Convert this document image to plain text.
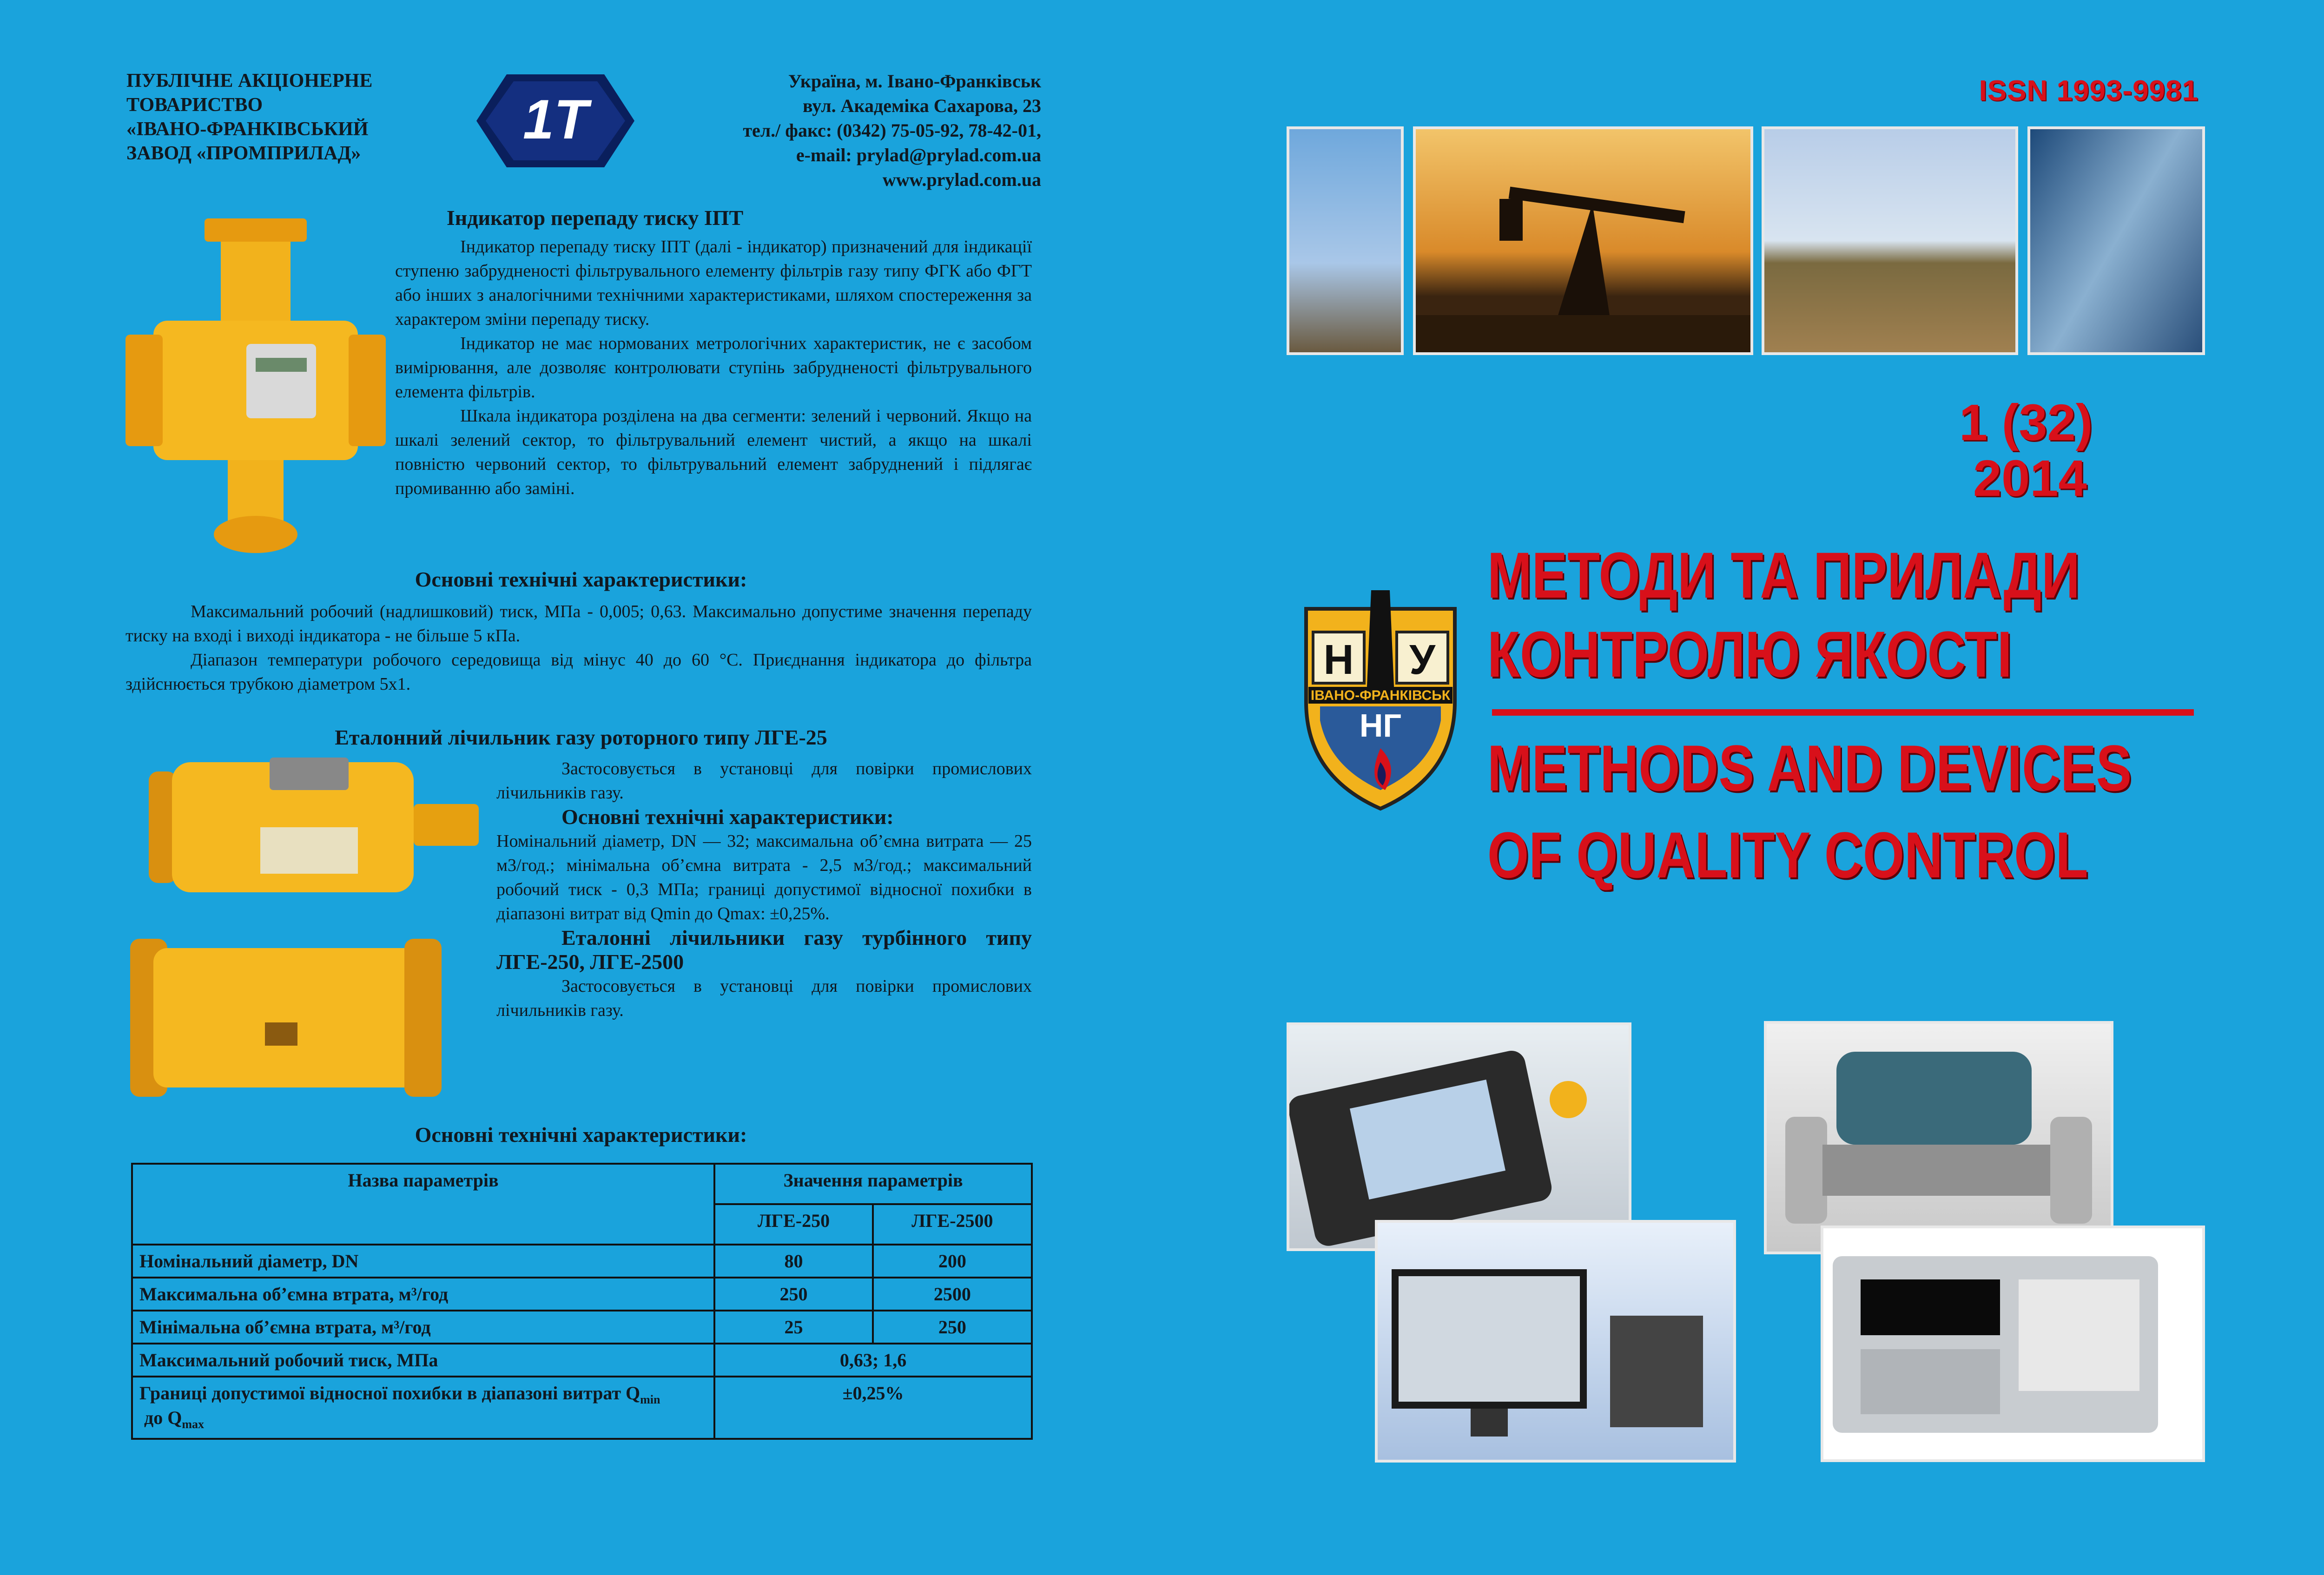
ПУБЛІЧНЕ АКЦІОНЕРНЕ
ТОВАРИСТВО
«ІВАНО-ФРАНКІВСЬКИЙ
ЗАВОД «ПРОМПРИЛАД»
1Т
Україна, м. Івано-Франківськ
вул. Академіка Сахарова, 23
тел./ факс: (0342) 75-05-92, 78-42-01,
e-mail: prylad@prylad.com.ua
www.prylad.com.ua
Індикатор перепаду тиску ІПТ
Індикатор перепаду тиску ІПТ (далі - індикатор) призначений для індикації ступеню забрудненості фільтрувального елементу фільтрів газу типу ФГК або ФГТ або інших з аналогічними технічними характеристиками, шляхом спостереження за характером зміни перепаду тиску.
Індикатор не має нормованих метрологічних характеристик, не є засобом вимірювання, але дозволяє контролювати ступінь забрудненості фільтрувального елемента фільтрів.
Шкала індикатора розділена на два сегменти: зелений і червоний. Якщо на шкалі зелений сектор, то фільтрувальний елемент чистий, а якщо на шкалі повністю червоний сектор, то фільтрувальний елемент забруднений і підлягає промиванню або заміні.
Основні технічні характеристики:
Максимальний робочий (надлишковий) тиск, МПа - 0,005; 0,63. Максимально допустиме значення перепаду тиску на вході і виході індикатора - не більше 5 кПа.
Діапазон температури робочого середовища від мінус 40 до 60 °С. Приєднання індикатора до фільтра здійснюється трубкою діаметром 5х1.
Еталонний лічильник газу роторного типу ЛГЕ-25
Застосовується в установці для повірки промислових лічильників газу.
Основні технічні характеристики:
Номінальний діаметр, DN — 32; максимальна об’ємна витрата — 25 м3/год.; мінімальна об’ємна витрата - 2,5 м3/год.; максимальний робочий тиск - 0,3 МПа; границі допустимої відносної похибки в діапазоні витрат від Qmin до Qmax: ±0,25%.
Еталонні лічильники газу турбінного типу ЛГЕ-250, ЛГЕ-2500
Застосовується в установці для повірки промислових лічильників газу.
Основні технічні характеристики:
Назва параметрів	Значення параметрів	
	ЛГЕ-250	ЛГЕ-2500
Номінальний діаметр, DN	80	200
Максимальна об’ємна втрата, м³/год	250	2500
Мінімальна об’ємна втрата, м³/год	25	250
Максимальний робочий тиск, МПа	0,63; 1,6	
Границі допустимої відносної похибки в діапазоні витрат $Q_{min}$ до $Q_{max}$	±0,25%	
ISSN 1993-9981
1 (32)
2014
Н У
ІВАНО-ФРАНКІВСЬК
НГ
МЕТОДИ ТА ПРИЛАДИ
КОНТРОЛЮ ЯКОСТІ
METHODS AND DEVICES
OF QUALITY CONTROL
